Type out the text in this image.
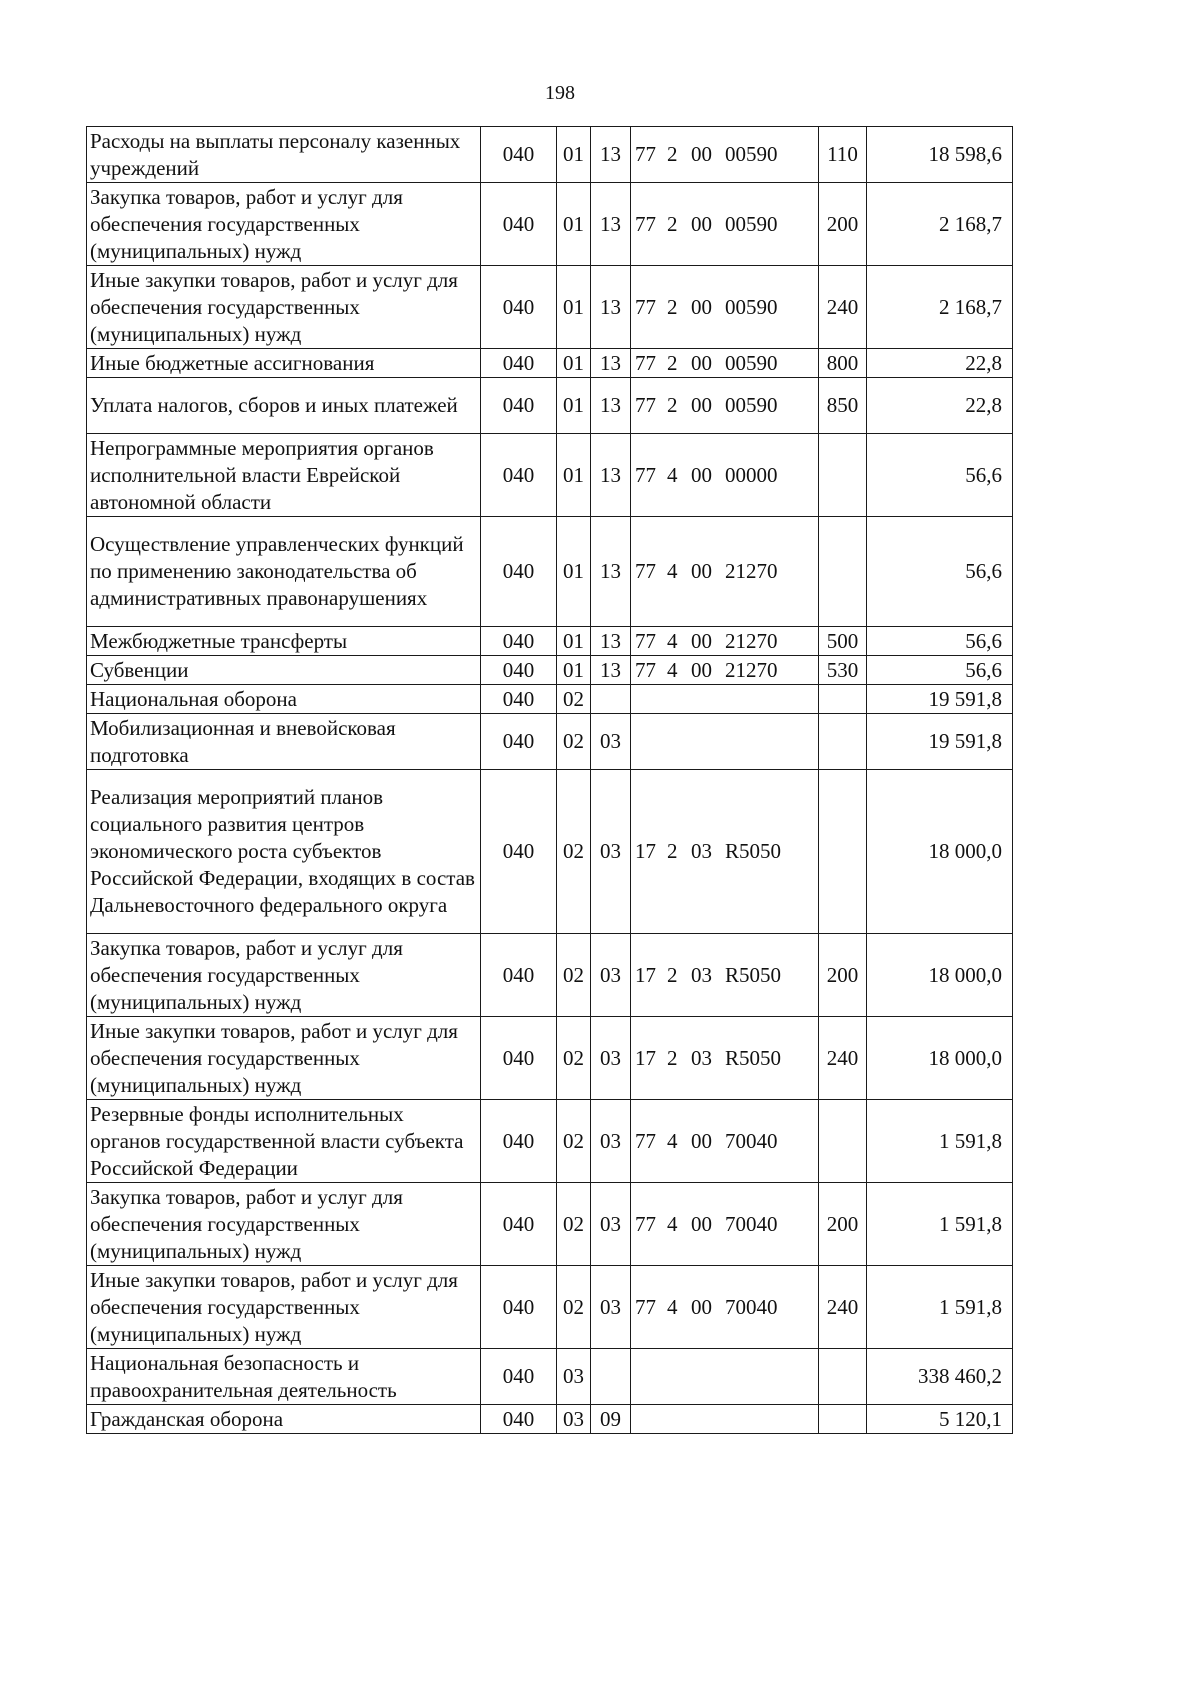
198
Расходы на выплаты персоналу казенных учреждений	040	01	13	77 2 00 00590	110	18 598,6
Закупка товаров, работ и услуг для обеспечения государственных (муниципальных) нужд	040	01	13	77 2 00 00590	200	2 168,7
Иные закупки товаров, работ и услуг для обеспечения государственных (муниципальных) нужд	040	01	13	77 2 00 00590	240	2 168,7
Иные бюджетные ассигнования	040	01	13	77 2 00 00590	800	22,8
Уплата налогов, сборов и иных платежей	040	01	13	77 2 00 00590	850	22,8
Непрограммные мероприятия органов исполнительной власти Еврейской автономной области	040	01	13	77 4 00 00000		56,6
Осуществление управленческих функций по применению законодательства об административных правонарушениях	040	01	13	77 4 00 21270		56,6
Межбюджетные трансферты	040	01	13	77 4 00 21270	500	56,6
Субвенции	040	01	13	77 4 00 21270	530	56,6
Национальная оборона	040	02				19 591,8
Мобилизационная и вневойсковая подготовка	040	02	03			19 591,8
Реализация мероприятий планов социального развития центров экономического роста субъектов Российской Федерации, входящих в состав Дальневосточного федерального округа	040	02	03	17 2 03 R5050		18 000,0
Закупка товаров, работ и услуг для обеспечения государственных (муниципальных) нужд	040	02	03	17 2 03 R5050	200	18 000,0
Иные закупки товаров, работ и услуг для обеспечения государственных (муниципальных) нужд	040	02	03	17 2 03 R5050	240	18 000,0
Резервные фонды исполнительных органов государственной власти субъекта Российской Федерации	040	02	03	77 4 00 70040		1 591,8
Закупка товаров, работ и услуг для обеспечения государственных (муниципальных) нужд	040	02	03	77 4 00 70040	200	1 591,8
Иные закупки товаров, работ и услуг для обеспечения государственных (муниципальных) нужд	040	02	03	77 4 00 70040	240	1 591,8
Национальная безопасность и правоохранительная деятельность	040	03				338 460,2
Гражданская оборона	040	03	09			5 120,1
